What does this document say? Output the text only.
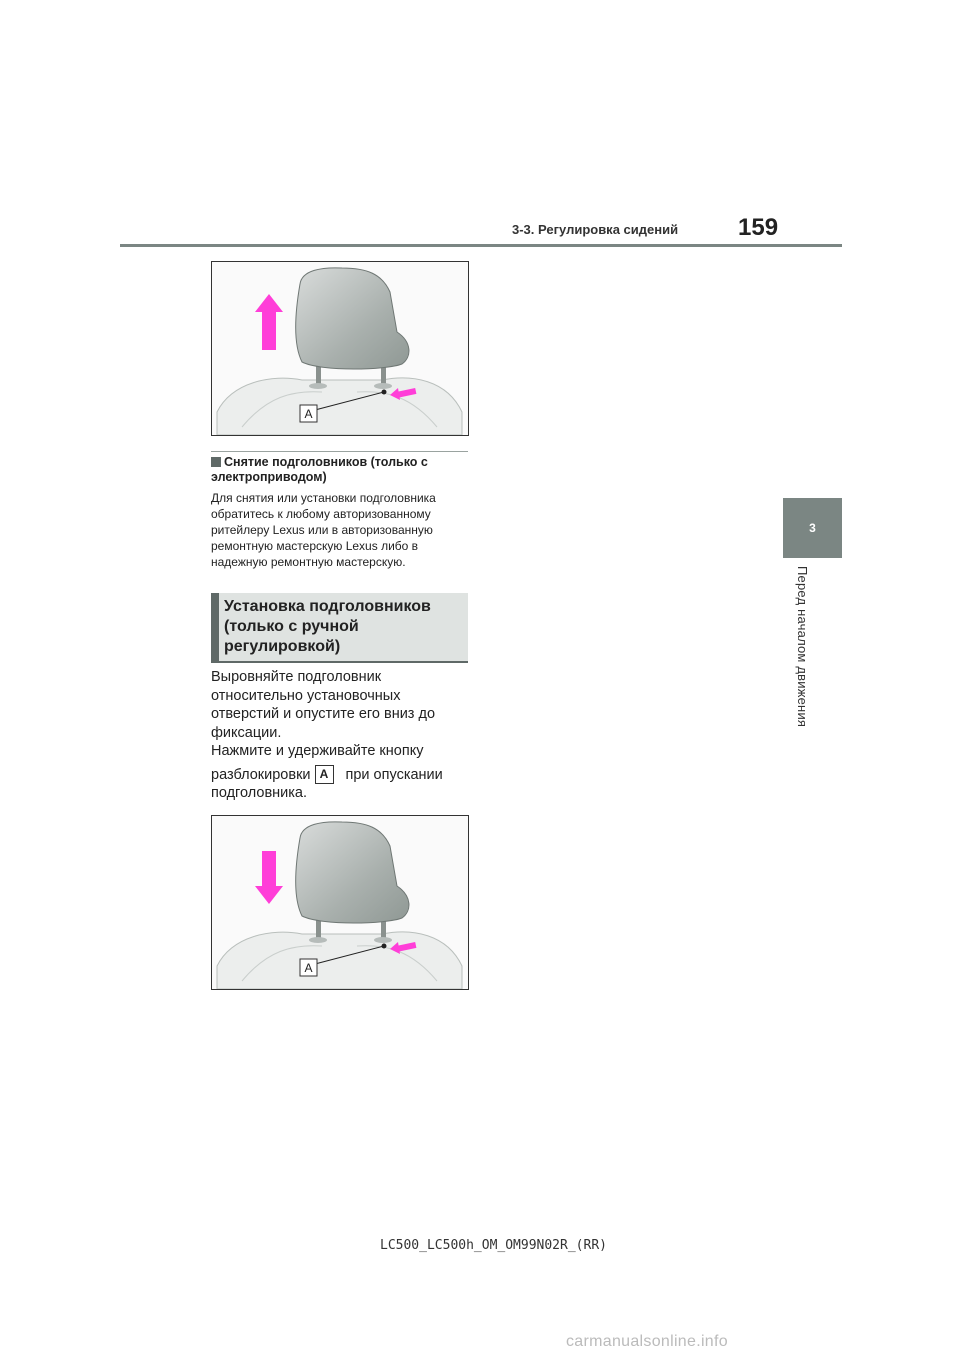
3-3. Регулировка сидений 159
3
Перед началом движения
A
Снятие подголовников (только с электроприводом)
Для снятия или установки подголовника обратитесь к любому авторизованному ритейлеру Lexus или в авторизованную ремонтную мастерскую Lexus либо в надежную ремонтную мастерскую.
Установка подголовников (только с ручной регулировкой)

Выровняйте подголовник относительно установочных отверстий и опустите его вниз до фиксации.

Нажмите и удерживайте кнопку

разблокировки A при опускании подголовника.

A
LC500_LC500h_OM_OM99N02R_(RR)
carmanualsonline.info
